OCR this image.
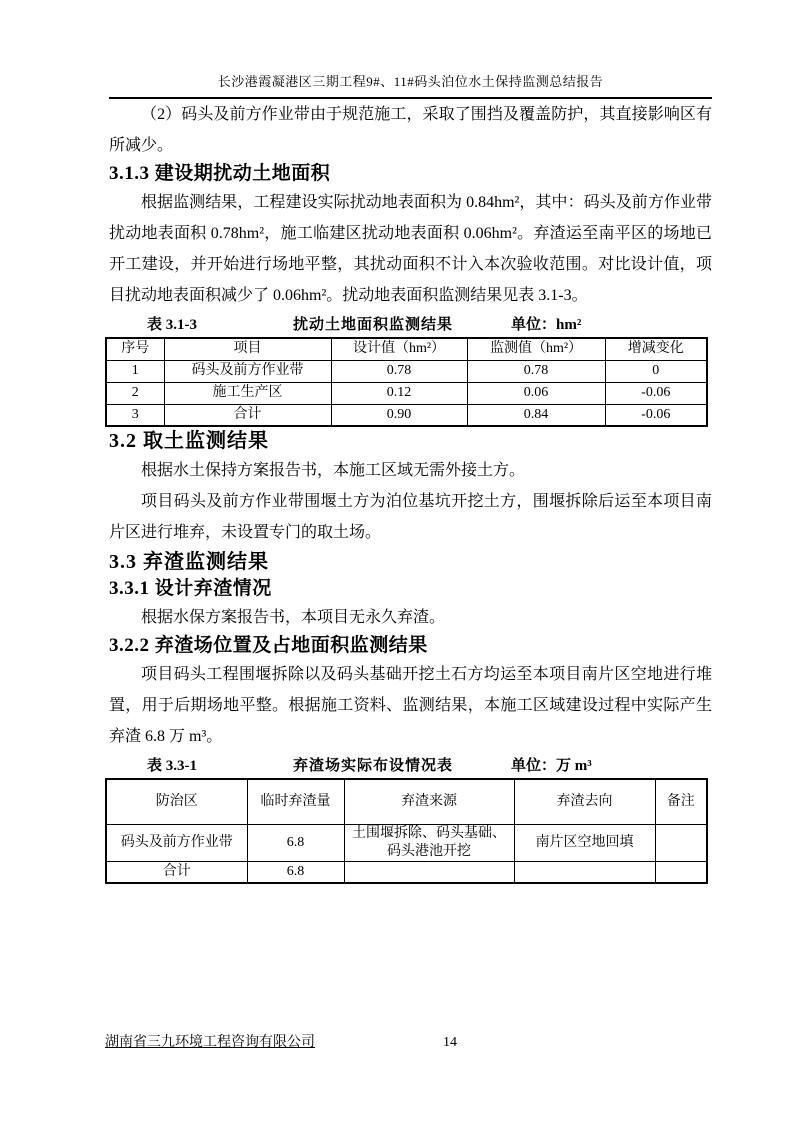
长沙港霞凝港区三期工程9#、11#码头泊位水土保持监测总结报告

（2）码头及前方作业带由于规范施工，采取了围挡及覆盖防护，其直接影响区有所减少。

3.1.3 建设期扰动土地面积

根据监测结果，工程建设实际扰动地表面积为 0.84hm²，其中：码头及前方作业带扰动地表面积 0.78hm²，施工临建区扰动地表面积 0.06hm²。弃渣运至南平区的场地已开工建设，并开始进行场地平整，其扰动面积不计入本次验收范围。对比设计值，项目扰动地表面积减少了 0.06hm²。扰动地表面积监测结果见表 3.1-3。

表 3.1-3	扰动土地面积监测结果	单位：hm²
序号	项目	设计值（hm²）	监测值（hm²）	增减变化
1	码头及前方作业带	0.78	0.78	0
2	施工生产区	0.12	0.06	-0.06
3	合计	0.90	0.84	-0.06
3.2 取土监测结果

根据水土保持方案报告书，本施工区域无需外接土方。

项目码头及前方作业带围堰土方为泊位基坑开挖土方，围堰拆除后运至本项目南片区进行堆弃，未设置专门的取土场。

3.3 弃渣监测结果
3.3.1 设计弃渣情况

根据水保方案报告书，本项目无永久弃渣。

3.2.2 弃渣场位置及占地面积监测结果

项目码头工程围堰拆除以及码头基础开挖土石方均运至本项目南片区空地进行堆置，用于后期场地平整。根据施工资料、监测结果，本施工区域建设过程中实际产生弃渣 6.8 万 m³。

表 3.3-1	弃渣场实际布设情况表	单位：万 m³
防治区	临时弃渣量	弃渣来源	弃渣去向	备注
码头及前方作业带	6.8	土围堰拆除、码头基础、码头港池开挖	南片区空地回填	
合计	6.8			
湖南省三九环境工程咨询有限公司	14
